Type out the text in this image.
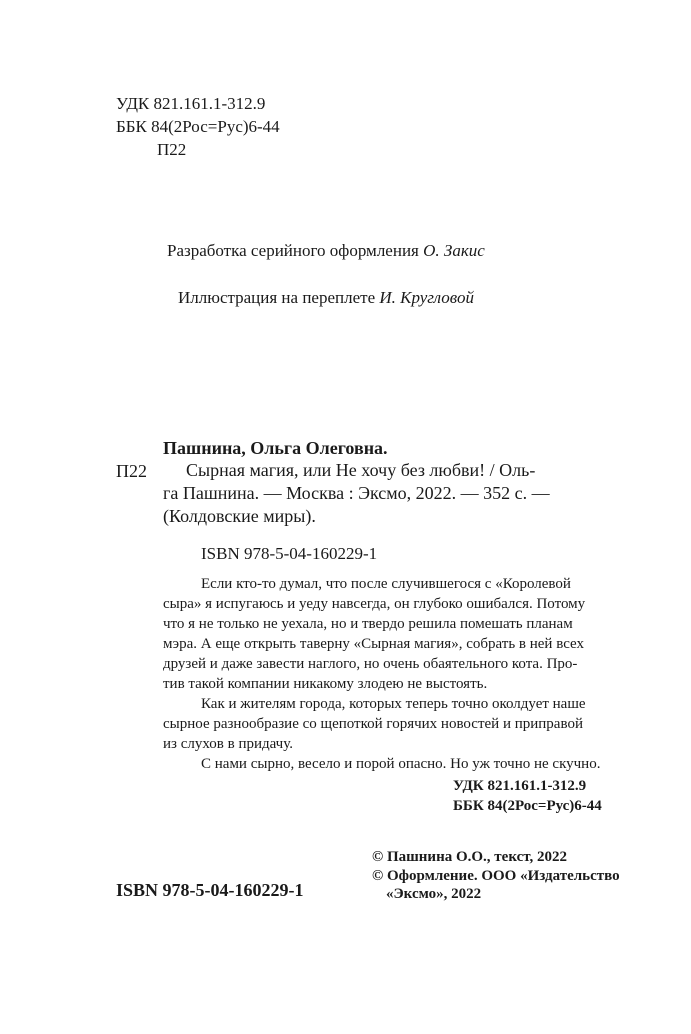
УДК 821.161.1-312.9
ББК 84(2Рос=Рус)6-44
П22
Разработка серийного оформления О. Закис
Иллюстрация на переплете И. Кругловой
Пашнина, Ольга Олеговна.
П22	Сырная магия, или Не хочу без любви! / Оль-
га Пашнина. — Москва : Эксмо, 2022. — 352 с. —
(Колдовские миры).
ISBN 978-5-04-160229-1
Если кто-то думал, что после случившегося с «Королевой
сыра» я испугаюсь и уеду навсегда, он глубоко ошибался. Потому
что я не только не уехала, но и твердо решила помешать планам
мэра. А еще открыть таверну «Сырная магия», собрать в ней всех
друзей и даже завести наглого, но очень обаятельного кота. Про-
тив такой компании никакому злодею не выстоять.
Как и жителям города, которых теперь точно околдует наше
сырное разнообразие со щепоткой горячих новостей и приправой
из слухов в придачу.
С нами сырно, весело и порой опасно. Но уж точно не скучно.
УДК 821.161.1-312.9
ББК 84(2Рос=Рус)6-44
© Пашнина О.О., текст, 2022
© Оформление. ООО «Издательство
«Эксмо», 2022
ISBN 978-5-04-160229-1
